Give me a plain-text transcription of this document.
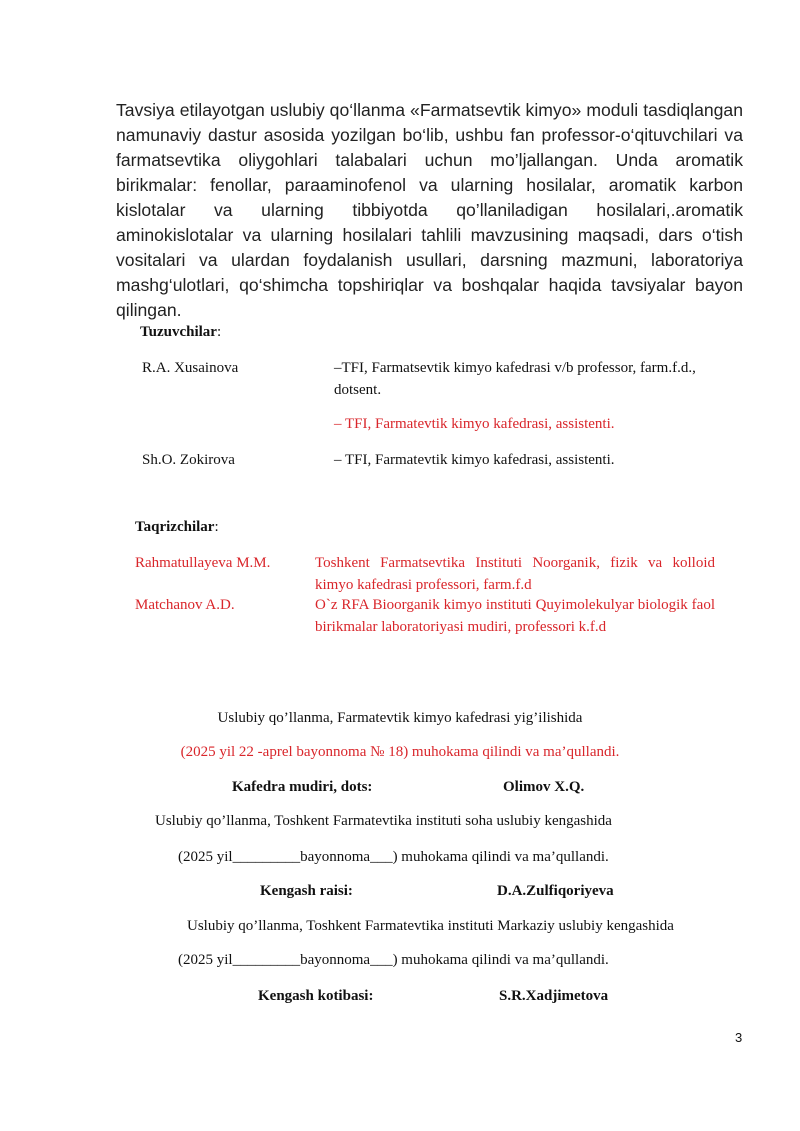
Tavsiya etilayotgan uslubiy qo‘llanma «Farmatsevtik kimyo» moduli tasdiqlangan namunaviy dastur asosida yozilgan bo‘lib, ushbu fan professor-o‘qituvchilari va farmatsevtika oliygohlari talabalari uchun mo’ljallangan. Unda aromatik birikmalar: fenollar, paraaminofenol va ularning hosilalar, aromatik karbon kislotalar va ularning tibbiyotda qo’llaniladigan hosilalari,.aromatik aminokislotalar va ularning hosilalari tahlili mavzusining maqsadi, dars o‘tish vositalari va ulardan foydalanish usullari, darsning mazmuni, laboratoriya mashg‘ulotlari, qo‘shimcha topshiriqlar va boshqalar haqida tavsiyalar bayon qilingan.
Tuzuvchilar:
R.A. Xusainova	–TFI, Farmatsevtik kimyo kafedrasi v/b professor, farm.f.d., dotsent.
– TFI, Farmatevtik kimyo kafedrasi, assistenti.
Sh.O. Zokirova	– TFI, Farmatevtik kimyo kafedrasi, assistenti.
Taqrizchilar:
Rahmatullayeva M.M.	Toshkent Farmatsevtika Instituti Noorganik, fizik va kolloid kimyo kafedrasi professori, farm.f.d
Matchanov A.D.	O`z RFA Bioorganik kimyo instituti Quyimolekulyar biologik faol birikmalar laboratoriyasi mudiri, professori k.f.d
Uslubiy qo’llanma, Farmatevtik kimyo kafedrasi yig’ilishida
(2025 yil 22 -aprel bayonnoma № 18) muhokama qilindi va ma’qullandi.
Kafedra mudiri, dots:	Olimov X.Q.
Uslubiy qo’llanma, Toshkent Farmatevtika instituti soha uslubiy kengashida
(2025 yil_________bayonnoma___) muhokama qilindi va ma’qullandi.
Kengash raisi:	D.A.Zulfiqoriyeva
Uslubiy qo’llanma, Toshkent Farmatevtika instituti Markaziy uslubiy kengashida
(2025 yil_________bayonnoma___) muhokama qilindi va ma’qullandi.
Kengash kotibasi:	S.R.Xadjimetova
3
